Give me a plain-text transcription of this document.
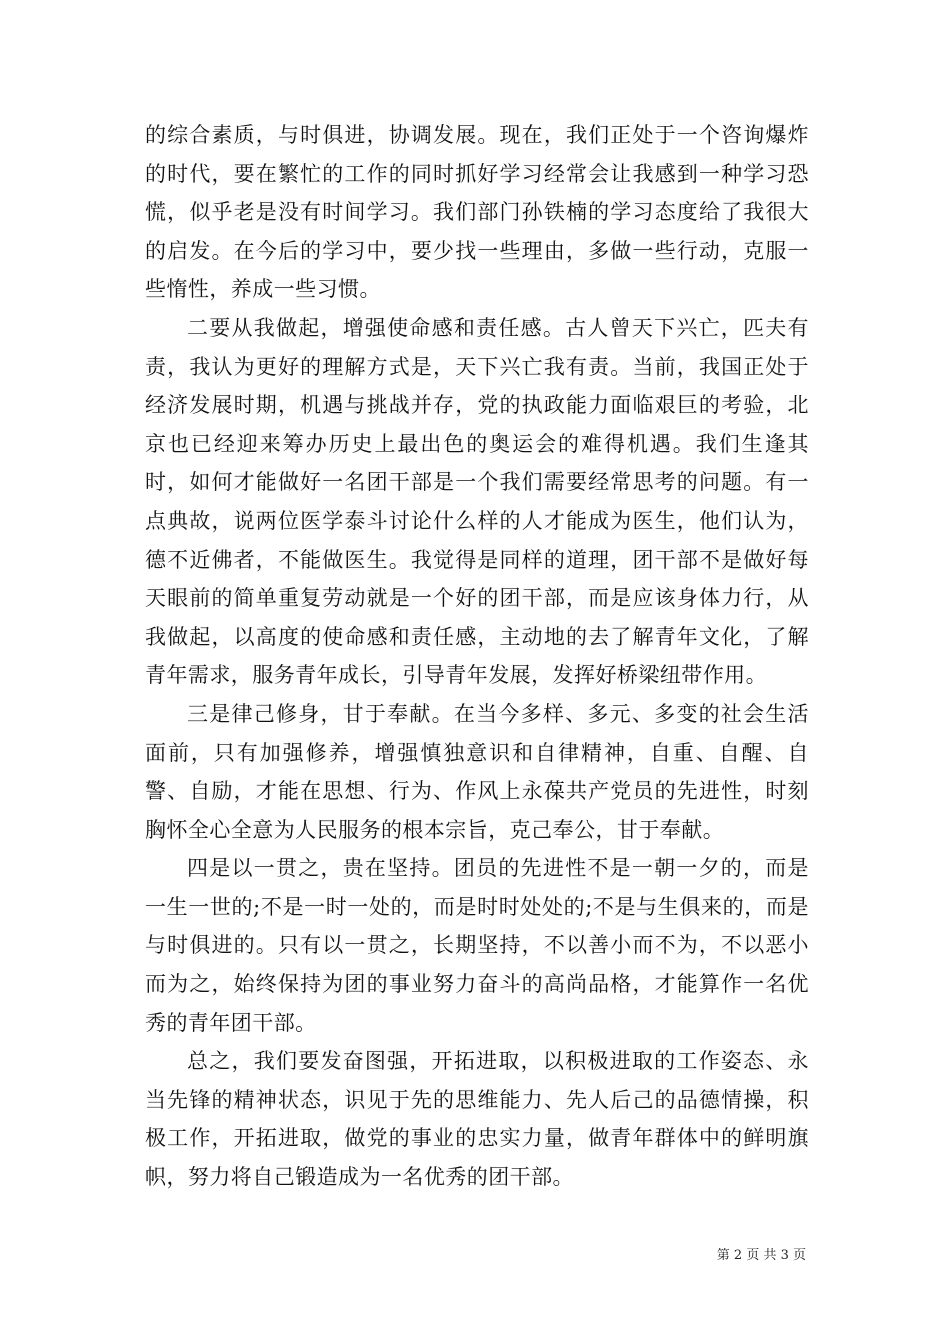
的综合素质，与时俱进，协调发展。现在，我们正处于一个咨询爆炸的时代，要在繁忙的工作的同时抓好学习经常会让我感到一种学习恐慌，似乎老是没有时间学习。我们部门孙铁楠的学习态度给了我很大的启发。在今后的学习中，要少找一些理由，多做一些行动，克服一些惰性，养成一些习惯。

二要从我做起，增强使命感和责任感。古人曾天下兴亡，匹夫有责，我认为更好的理解方式是，天下兴亡我有责。当前，我国正处于经济发展时期，机遇与挑战并存，党的执政能力面临艰巨的考验，北京也已经迎来筹办历史上最出色的奥运会的难得机遇。我们生逢其时，如何才能做好一名团干部是一个我们需要经常思考的问题。有一点典故，说两位医学泰斗讨论什么样的人才能成为医生，他们认为，德不近佛者，不能做医生。我觉得是同样的道理，团干部不是做好每天眼前的简单重复劳动就是一个好的团干部，而是应该身体力行，从我做起，以高度的使命感和责任感，主动地的去了解青年文化，了解青年需求，服务青年成长，引导青年发展，发挥好桥梁纽带作用。

三是律己修身，甘于奉献。在当今多样、多元、多变的社会生活面前，只有加强修养，增强慎独意识和自律精神，自重、自醒、自警、自励，才能在思想、行为、作风上永葆共产党员的先进性，时刻胸怀全心全意为人民服务的根本宗旨，克己奉公，甘于奉献。

四是以一贯之，贵在坚持。团员的先进性不是一朝一夕的，而是一生一世的;不是一时一处的，而是时时处处的;不是与生俱来的，而是与时俱进的。只有以一贯之，长期坚持，不以善小而不为，不以恶小而为之，始终保持为团的事业努力奋斗的高尚品格，才能算作一名优秀的青年团干部。

总之，我们要发奋图强，开拓进取，以积极进取的工作姿态、永当先锋的精神状态，识见于先的思维能力、先人后己的品德情操，积极工作，开拓进取，做党的事业的忠实力量，做青年群体中的鲜明旗帜，努力将自己锻造成为一名优秀的团干部。

第 2 页 共 3 页
